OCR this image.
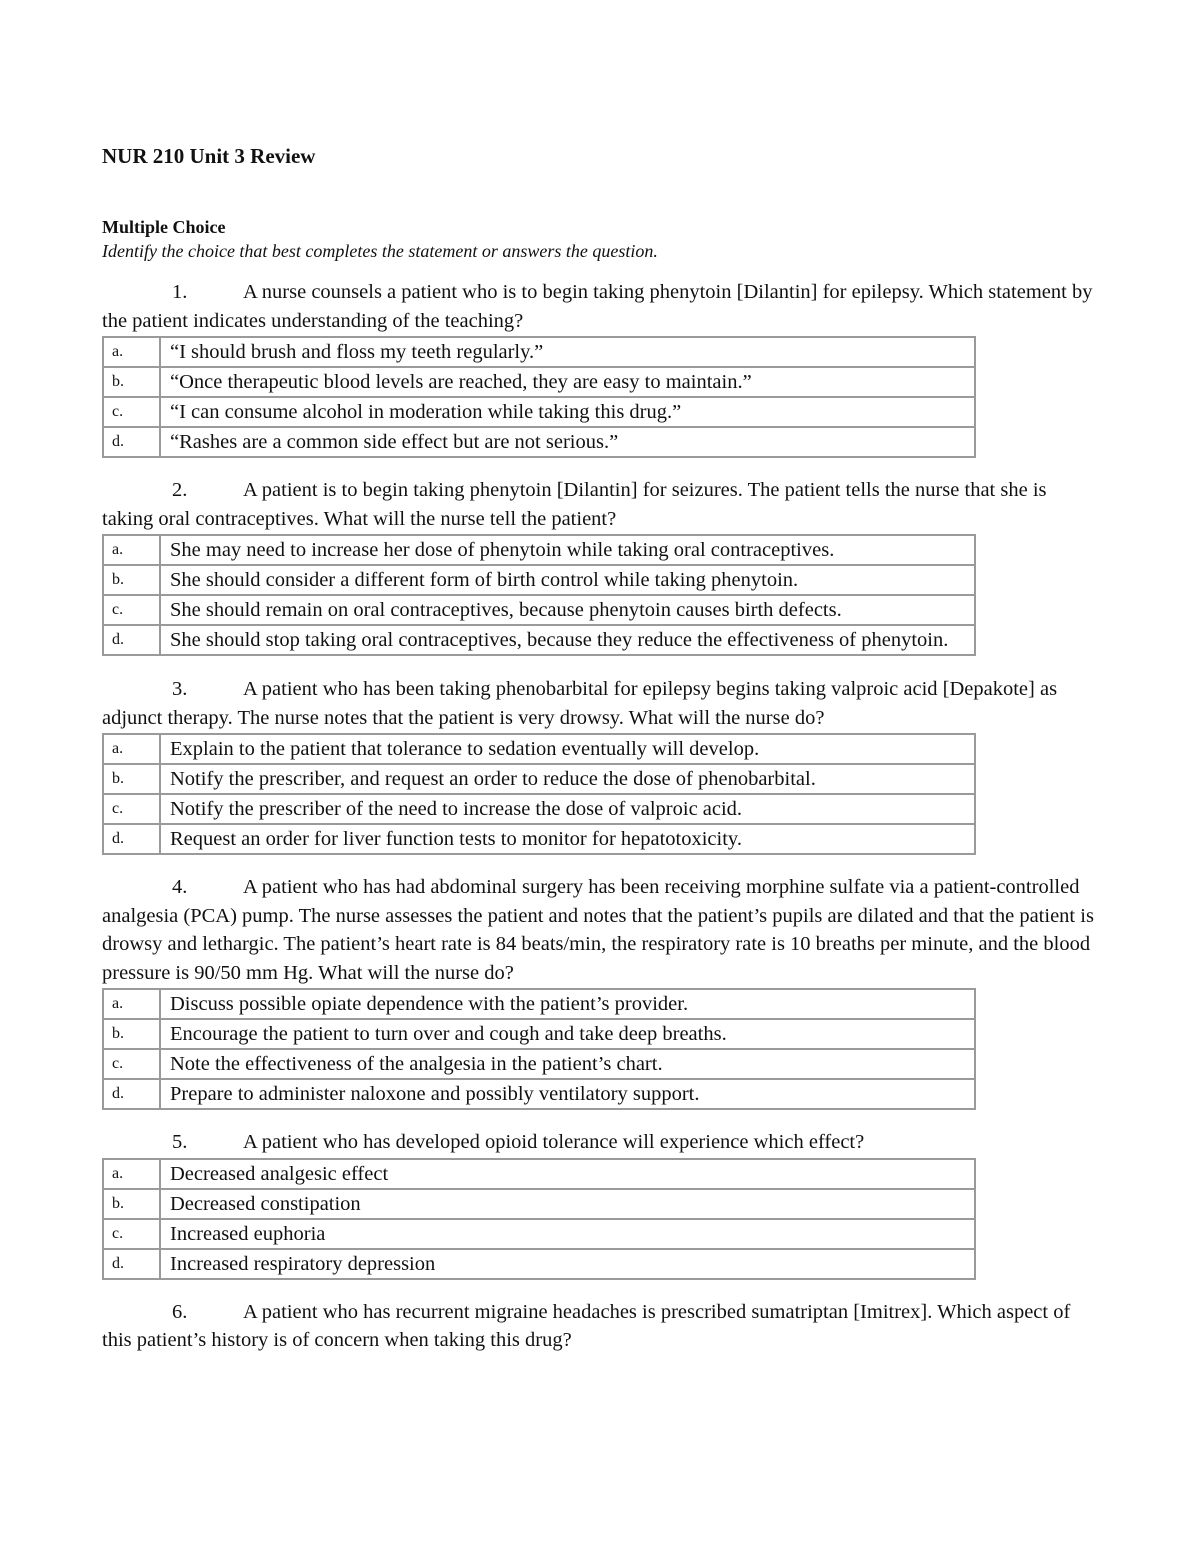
NUR 210 Unit 3 Review
Multiple Choice
Identify the choice that best completes the statement or answers the question.

1.	A nurse counsels a patient who is to begin taking phenytoin [Dilantin] for epilepsy. Which statement by the patient indicates understanding of the teaching?

a.	“I should brush and floss my teeth regularly.”
b.	“Once therapeutic blood levels are reached, they are easy to maintain.”
c.	“I can consume alcohol in moderation while taking this drug.”
d.	“Rashes are a common side effect but are not serious.”

2.	A patient is to begin taking phenytoin [Dilantin] for seizures. The patient tells the nurse that she is taking oral contraceptives. What will the nurse tell the patient?

a.	She may need to increase her dose of phenytoin while taking oral contraceptives.
b.	She should consider a different form of birth control while taking phenytoin.
c.	She should remain on oral contraceptives, because phenytoin causes birth defects.
d.	She should stop taking oral contraceptives, because they reduce the effectiveness of phenytoin.

3.	A patient who has been taking phenobarbital for epilepsy begins taking valproic acid [Depakote] as adjunct therapy. The nurse notes that the patient is very drowsy. What will the nurse do?

a.	Explain to the patient that tolerance to sedation eventually will develop.
b.	Notify the prescriber, and request an order to reduce the dose of phenobarbital.
c.	Notify the prescriber of the need to increase the dose of valproic acid.
d.	Request an order for liver function tests to monitor for hepatotoxicity.

4.	A patient who has had abdominal surgery has been receiving morphine sulfate via a patient-controlled analgesia (PCA) pump. The nurse assesses the patient and notes that the patient’s pupils are dilated and that the patient is drowsy and lethargic. The patient’s heart rate is 84 beats/min, the respiratory rate is 10 breaths per minute, and the blood pressure is 90/50 mm Hg. What will the nurse do?

a.	Discuss possible opiate dependence with the patient’s provider.
b.	Encourage the patient to turn over and cough and take deep breaths.
c.	Note the effectiveness of the analgesia in the patient’s chart.
d.	Prepare to administer naloxone and possibly ventilatory support.

5.	A patient who has developed opioid tolerance will experience which effect?

a.	Decreased analgesic effect
b.	Decreased constipation
c.	Increased euphoria
d.	Increased respiratory depression

6.	A patient who has recurrent migraine headaches is prescribed sumatriptan [Imitrex]. Which aspect of this patient’s history is of concern when taking this drug?
